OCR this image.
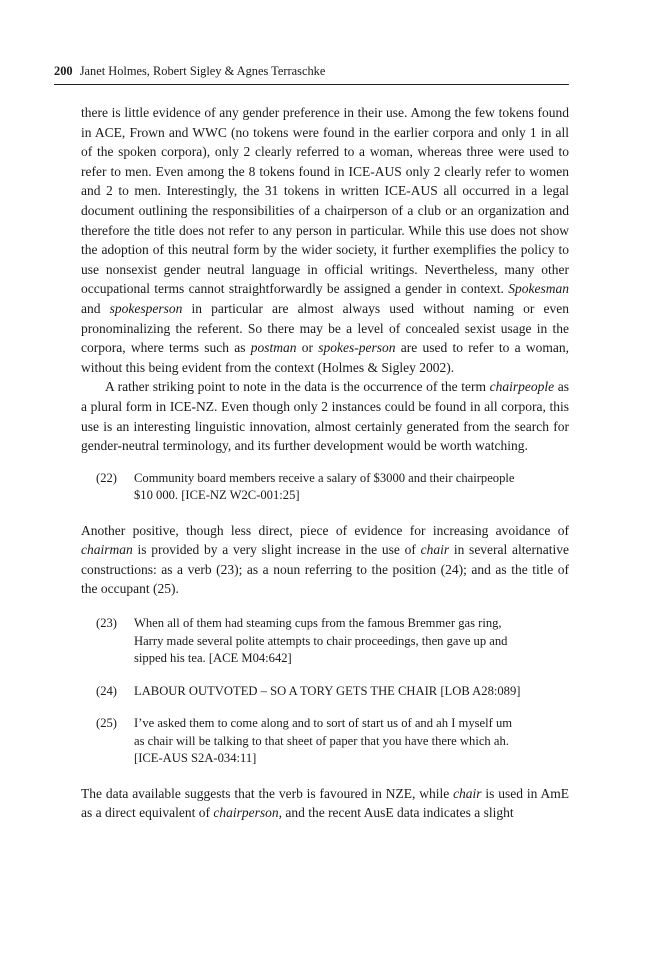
200 Janet Holmes, Robert Sigley & Agnes Terraschke

there is little evidence of any gender preference in their use. Among the few tokens found in ACE, Frown and WWC (no tokens were found in the earlier corpora and only 1 in all of the spoken corpora), only 2 clearly referred to a woman, whereas three were used to refer to men. Even among the 8 tokens found in ICE-AUS only 2 clearly refer to women and 2 to men. Interestingly, the 31 tokens in written ICE-AUS all occurred in a legal document outlining the responsibilities of a chairperson of a club or an organization and therefore the title does not refer to any person in particular. While this use does not show the adoption of this neutral form by the wider society, it further exemplifies the policy to use nonsexist gender neutral language in official writings. Nevertheless, many other occupational terms cannot straightforwardly be assigned a gender in context. Spokesman and spokesperson in particular are almost always used without naming or even pronominalizing the referent. So there may be a level of concealed sexist usage in the corpora, where terms such as postman or spokes-person are used to refer to a woman, without this being evident from the context (Holmes & Sigley 2002).

A rather striking point to note in the data is the occurrence of the term chairpeople as a plural form in ICE-NZ. Even though only 2 instances could be found in all corpora, this use is an interesting linguistic innovation, almost certainly generated from the search for gender-neutral terminology, and its further development would be worth watching.

(22)	Community board members receive a salary of $3000 and their chairpeople
$10 000. [ICE-NZ W2C-001:25]

Another positive, though less direct, piece of evidence for increasing avoidance of chairman is provided by a very slight increase in the use of chair in several alternative constructions: as a verb (23); as a noun referring to the position (24); and as the title of the occupant (25).

(23)	When all of them had steaming cups from the famous Bremmer gas ring,
Harry made several polite attempts to chair proceedings, then gave up and
sipped his tea. [ACE M04:642]
(24)	LABOUR OUTVOTED – SO A TORY GETS THE CHAIR [LOB A28:089]
(25)	I’ve asked them to come along and to sort of start us of and ah I myself um
as chair will be talking to that sheet of paper that you have there which ah.
[ICE-AUS S2A-034:11]

The data available suggests that the verb is favoured in NZE, while chair is used in AmE as a direct equivalent of chairperson, and the recent AusE data indicates a slight
